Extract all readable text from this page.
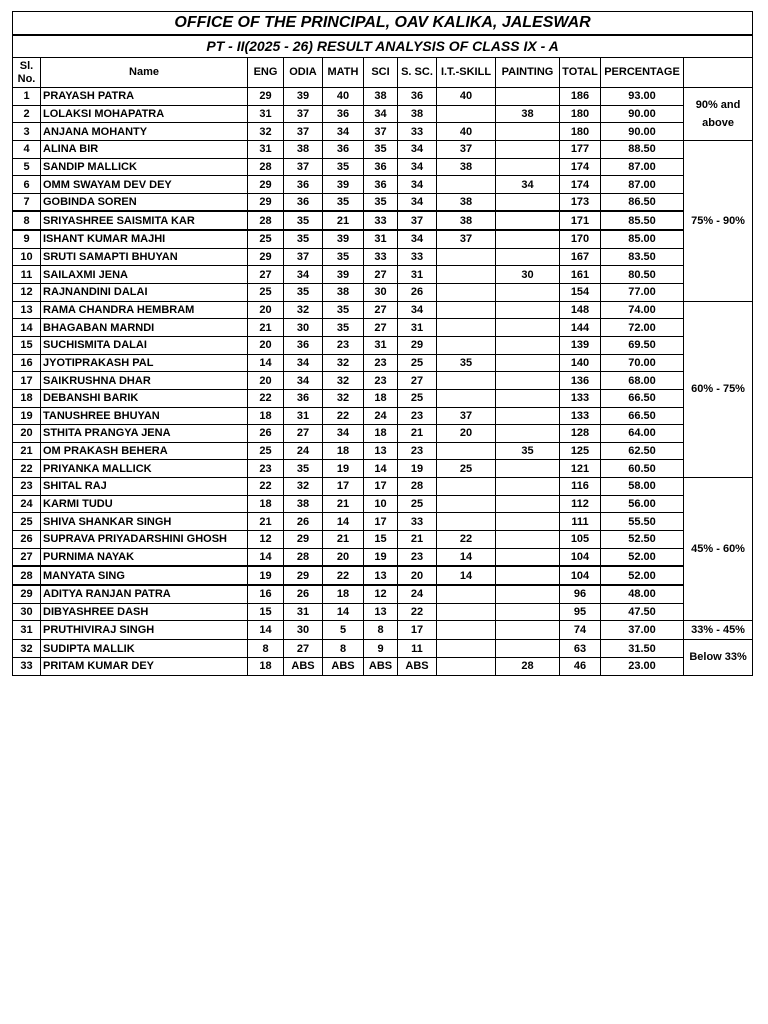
OFFICE OF THE PRINCIPAL, OAV KALIKA, JALESWAR											
PT - II(2025 - 26) RESULT ANALYSIS OF CLASS IX - A											
Sl. No.	Name	ENG	ODIA	MATH	SCI	S. SC.	I.T.-SKILL	PAINTING	TOTAL	PERCENTAGE	
1	PRAYASH PATRA	29	39	40	38	36	40		186	93.00	90% and above
2	LOLAKSI MOHAPATRA	31	37	36	34	38		38	180	90.00	
3	ANJANA MOHANTY	32	37	34	37	33	40		180	90.00	
4	ALINA BIR	31	38	36	35	34	37		177	88.50	75% - 90%
5	SANDIP MALLICK	28	37	35	36	34	38		174	87.00	
6	OMM SWAYAM DEV DEY	29	36	39	36	34		34	174	87.00	
7	GOBINDA SOREN	29	36	35	35	34	38		173	86.50	
8	SRIYASHREE SAISMITA KAR	28	35	21	33	37	38		171	85.50	
9	ISHANT KUMAR MAJHI	25	35	39	31	34	37		170	85.00	
10	SRUTI SAMAPTI BHUYAN	29	37	35	33	33			167	83.50	
11	SAILAXMI JENA	27	34	39	27	31		30	161	80.50	
12	RAJNANDINI DALAI	25	35	38	30	26			154	77.00	
13	RAMA CHANDRA HEMBRAM	20	32	35	27	34			148	74.00	60% - 75%
14	BHAGABAN MARNDI	21	30	35	27	31			144	72.00	
15	SUCHISMITA DALAI	20	36	23	31	29			139	69.50	
16	JYOTIPRAKASH PAL	14	34	32	23	25	35		140	70.00	
17	SAIKRUSHNA DHAR	20	34	32	23	27			136	68.00	
18	DEBANSHI BARIK	22	36	32	18	25			133	66.50	
19	TANUSHREE BHUYAN	18	31	22	24	23	37		133	66.50	
20	STHITA PRANGYA JENA	26	27	34	18	21	20		128	64.00	
21	OM PRAKASH BEHERA	25	24	18	13	23		35	125	62.50	
22	PRIYANKA MALLICK	23	35	19	14	19	25		121	60.50	
23	SHITAL RAJ	22	32	17	17	28			116	58.00	45% - 60%
24	KARMI TUDU	18	38	21	10	25			112	56.00	
25	SHIVA SHANKAR SINGH	21	26	14	17	33			111	55.50	
26	SUPRAVA PRIYADARSHINI GHOSH	12	29	21	15	21	22		105	52.50	
27	PURNIMA NAYAK	14	28	20	19	23	14		104	52.00	
28	MANYATA SING	19	29	22	13	20	14		104	52.00	
29	ADITYA RANJAN PATRA	16	26	18	12	24			96	48.00	
30	DIBYASHREE DASH	15	31	14	13	22			95	47.50	
31	PRUTHIVIRAJ SINGH	14	30	5	8	17			74	37.00	33% - 45%
32	SUDIPTA MALLIK	8	27	8	9	11			63	31.50	Below 33%
33	PRITAM KUMAR DEY	18	ABS	ABS	ABS	ABS		28	46	23.00	
